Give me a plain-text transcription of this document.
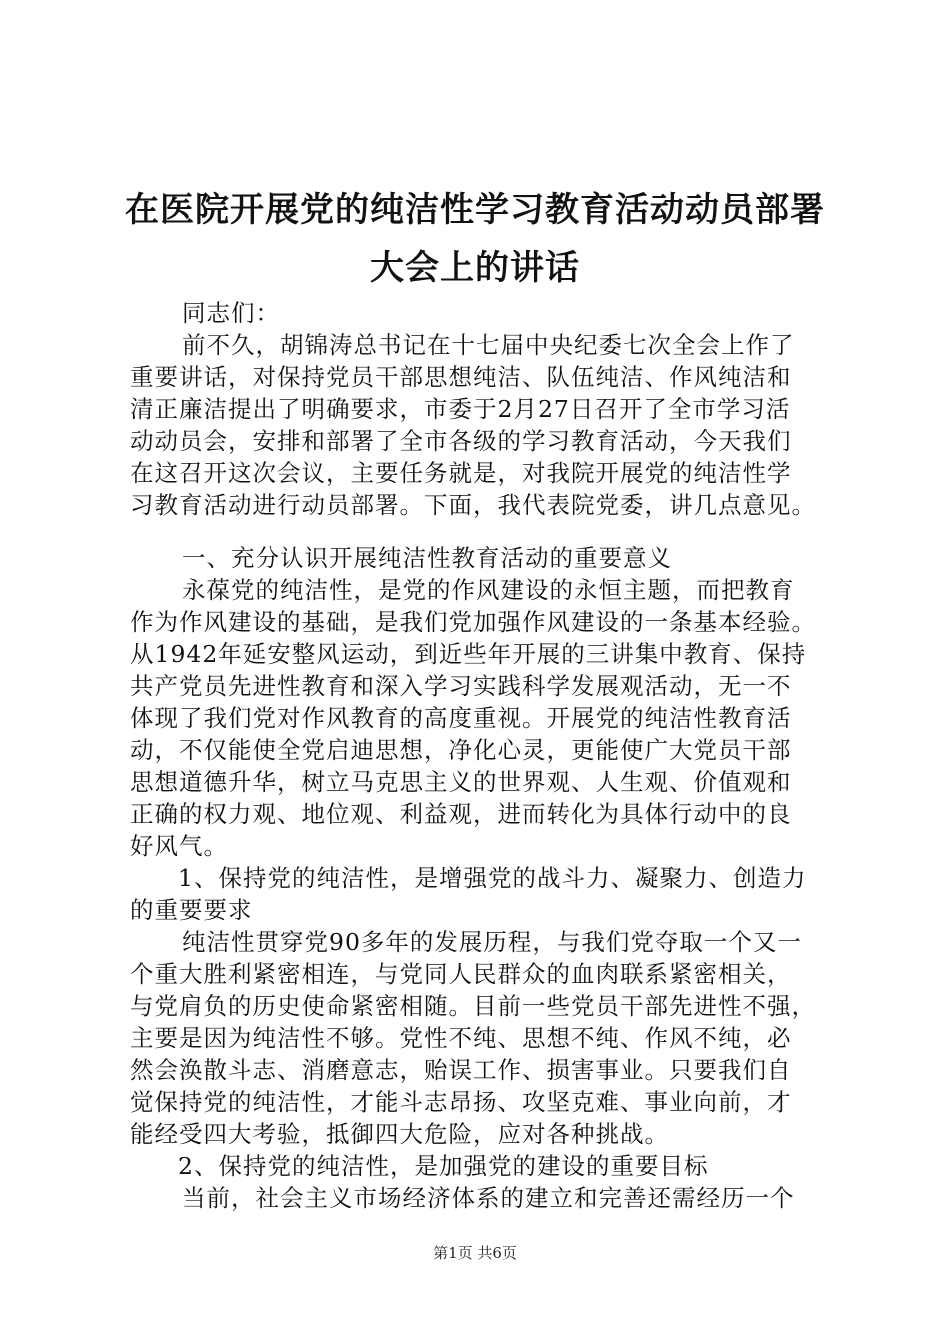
在医院开展党的纯洁性学习教育活动动员部署
大会上的讲话
同志们：
前不久，胡锦涛总书记在十七届中央纪委七次全会上作了
重要讲话，对保持党员干部思想纯洁、队伍纯洁、作风纯洁和
清正廉洁提出了明确要求，市委于2月27日召开了全市学习活
动动员会，安排和部署了全市各级的学习教育活动，今天我们
在这召开这次会议，主要任务就是，对我院开展党的纯洁性学
习教育活动进行动员部署。下面，我代表院党委，讲几点意见。
一、充分认识开展纯洁性教育活动的重要意义
永葆党的纯洁性，是党的作风建设的永恒主题，而把教育
作为作风建设的基础，是我们党加强作风建设的一条基本经验。
从1942年延安整风运动，到近些年开展的三讲集中教育、保持
共产党员先进性教育和深入学习实践科学发展观活动，无一不
体现了我们党对作风教育的高度重视。开展党的纯洁性教育活
动，不仅能使全党启迪思想，净化心灵，更能使广大党员干部
思想道德升华，树立马克思主义的世界观、人生观、价值观和
正确的权力观、地位观、利益观，进而转化为具体行动中的良
好风气。
1、保持党的纯洁性，是增强党的战斗力、凝聚力、创造力
的重要要求
纯洁性贯穿党90多年的发展历程，与我们党夺取一个又一
个重大胜利紧密相连，与党同人民群众的血肉联系紧密相关，
与党肩负的历史使命紧密相随。目前一些党员干部先进性不强，
主要是因为纯洁性不够。党性不纯、思想不纯、作风不纯，必
然会涣散斗志、消磨意志，贻误工作、损害事业。只要我们自
觉保持党的纯洁性，才能斗志昂扬、攻坚克难、事业向前，才
能经受四大考验，抵御四大危险，应对各种挑战。
2、保持党的纯洁性，是加强党的建设的重要目标
当前，社会主义市场经济体系的建立和完善还需经历一个
第1页 共6页
